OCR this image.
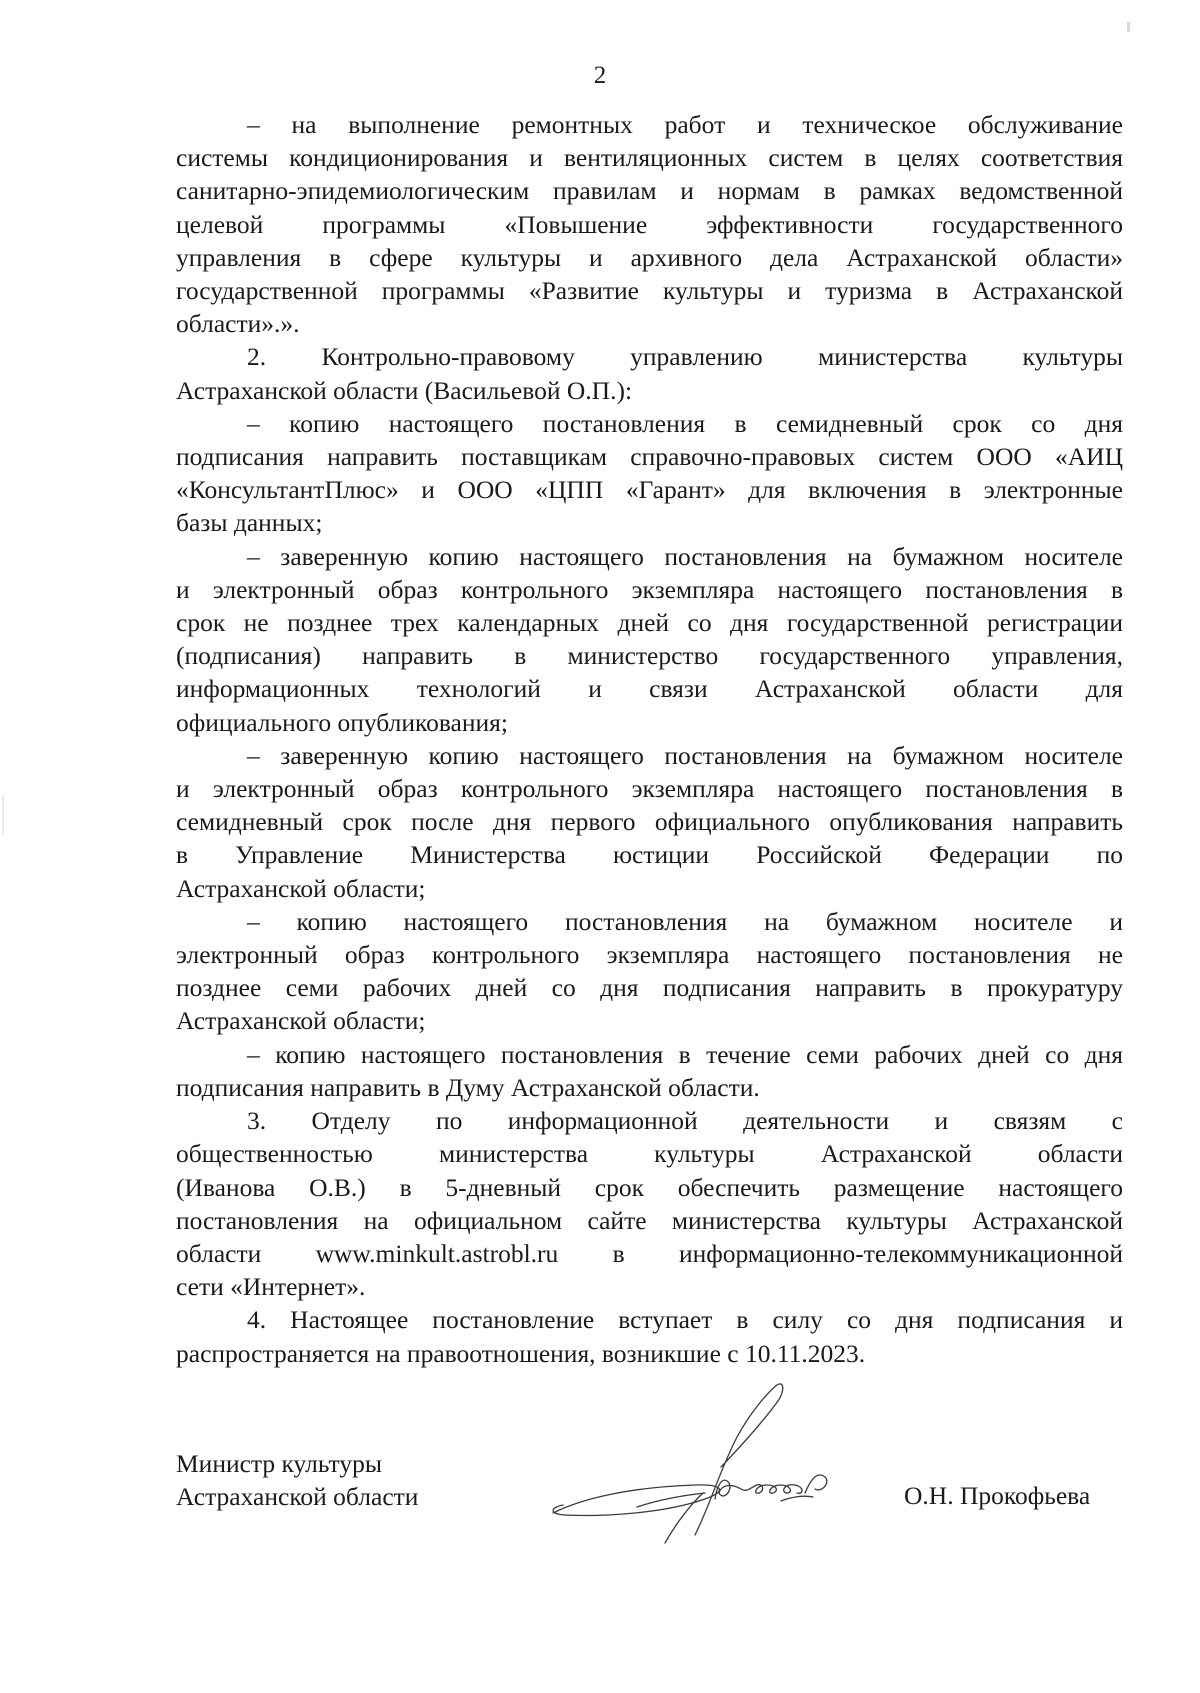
2
– на выполнение ремонтных работ и техническое обслуживание
системы кондиционирования и вентиляционных систем в целях соответствия
санитарно-эпидемиологическим правилам и нормам в рамках ведомственной
целевой программы «Повышение эффективности государственного
управления в сфере культуры и архивного дела Астраханской области»
государственной программы «Развитие культуры и туризма в Астраханской
области».».
2. Контрольно-правовому управлению министерства культуры
Астраханской области (Васильевой О.П.):
– копию настоящего постановления в семидневный срок со дня
подписания направить поставщикам справочно-правовых систем ООО «АИЦ
«КонсультантПлюс» и ООО «ЦПП «Гарант» для включения в электронные
базы данных;
– заверенную копию настоящего постановления на бумажном носителе
и электронный образ контрольного экземпляра настоящего постановления в
срок не позднее трех календарных дней со дня государственной регистрации
(подписания) направить в министерство государственного управления,
информационных технологий и связи Астраханской области для
официального опубликования;
– заверенную копию настоящего постановления на бумажном носителе
и электронный образ контрольного экземпляра настоящего постановления в
семидневный срок после дня первого официального опубликования направить
в Управление Министерства юстиции Российской Федерации по
Астраханской области;
– копию настоящего постановления на бумажном носителе и
электронный образ контрольного экземпляра настоящего постановления не
позднее семи рабочих дней со дня подписания направить в прокуратуру
Астраханской области;
– копию настоящего постановления в течение семи рабочих дней со дня
подписания направить в Думу Астраханской области.
3. Отделу по информационной деятельности и связям с
общественностью министерства культуры Астраханской области
(Иванова О.В.) в 5-дневный срок обеспечить размещение настоящего
постановления на официальном сайте министерства культуры Астраханской
области www.minkult.astrobl.ru в информационно-телекоммуникационной
сети «Интернет».
4. Настоящее постановление вступает в силу со дня подписания и
распространяется на правоотношения, возникшие с 10.11.2023.
Министр культуры
Астраханской области	О.Н. Прокофьева
